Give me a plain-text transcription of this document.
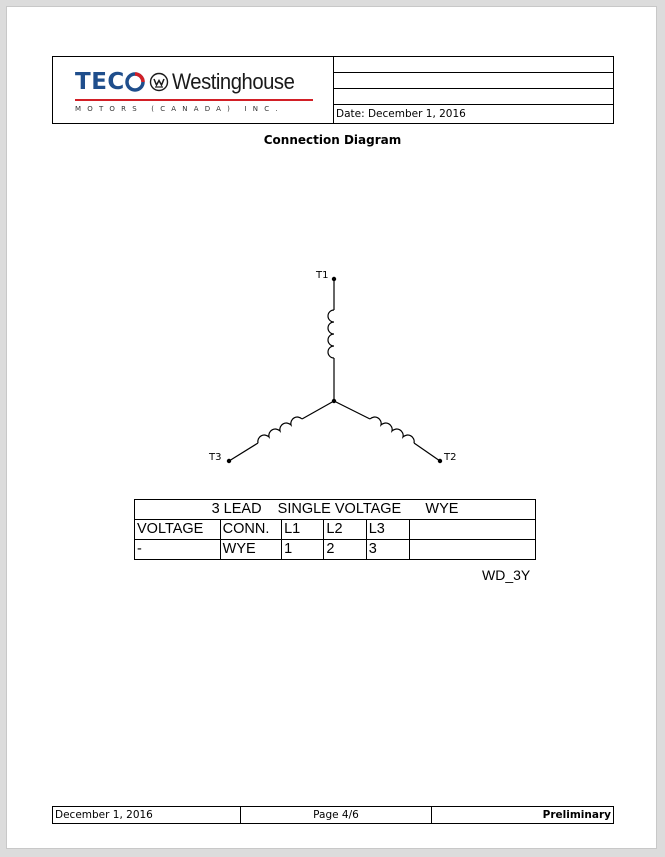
TEC Westinghouse
MOTORS (CANADA) INC.	Date: December 1, 2016
Connection Diagram
T1
T2
T3
3 LEAD    SINGLE VOLTAGE      WYE					
VOLTAGE	CONN.	L1	L2	L3	
-	WYE	1	2	3	
WD_3Y
December 1, 2016	Page 4/6	Preliminary
